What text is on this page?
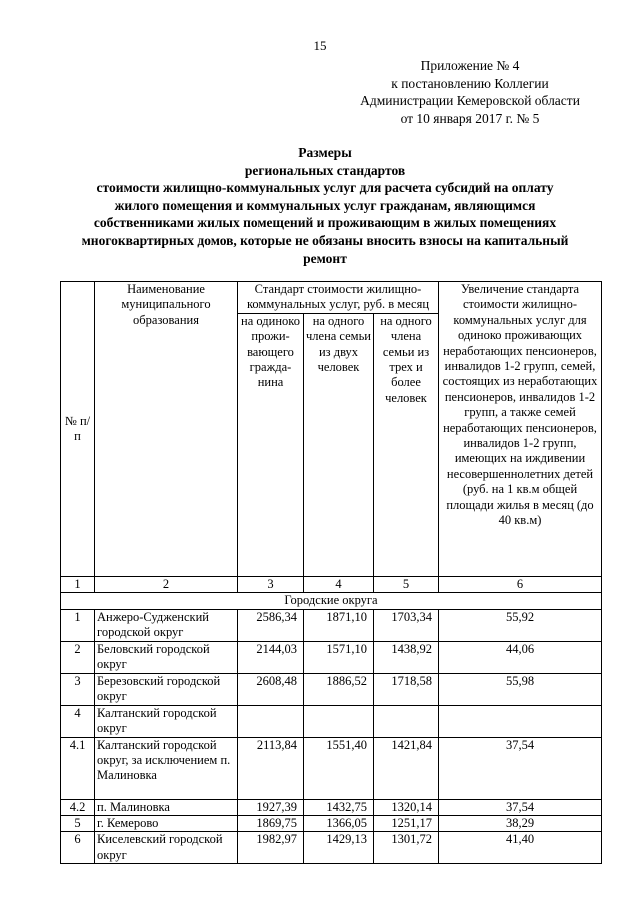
15
Приложение № 4
к постановлению Коллегии
Администрации Кемеровской области
от 10 января 2017 г. № 5
Размеры
региональных стандартов
стоимости жилищно-коммунальных услуг для расчета субсидий на оплату
жилого помещения и коммунальных услуг гражданам, являющимся
собственниками жилых помещений и проживающим в жилых помещениях
многоквартирных домов, которые не обязаны вносить взносы на капитальный
ремонт
№ п/п	Наименование муниципального образования	Стандарт стоимости жилищно-коммунальных услуг, руб. в месяц			Увеличение стандарта стоимости жилищно-коммунальных услуг для одиноко проживающих неработающих пенсионеров, инвалидов 1-2 групп, семей, состоящих из неработающих пенсионеров, инвалидов 1-2 групп, а также семей неработающих пенсионеров, инвалидов 1-2 групп, имеющих на иждивении несовершеннолетних детей (руб. на 1 кв.м общей площади жилья в месяц (до 40 кв.м)
		на одиноко прожи-вающего гражда-нина	на одного члена семьи из двух человек	на одного члена семьи из трех и более человек	
1	2	3	4	5	6
Городские округа					
1	Анжеро-Судженский городской округ	2586,34	1871,10	1703,34	55,92
2	Беловский городской округ	2144,03	1571,10	1438,92	44,06
3	Березовский городской округ	2608,48	1886,52	1718,58	55,98
4	Калтанский городской округ				
4.1	Калтанский городской округ, за исключением п. Малиновка	2113,84	1551,40	1421,84	37,54
4.2	п. Малиновка	1927,39	1432,75	1320,14	37,54
5	г. Кемерово	1869,75	1366,05	1251,17	38,29
6	Киселевский городской округ	1982,97	1429,13	1301,72	41,40
